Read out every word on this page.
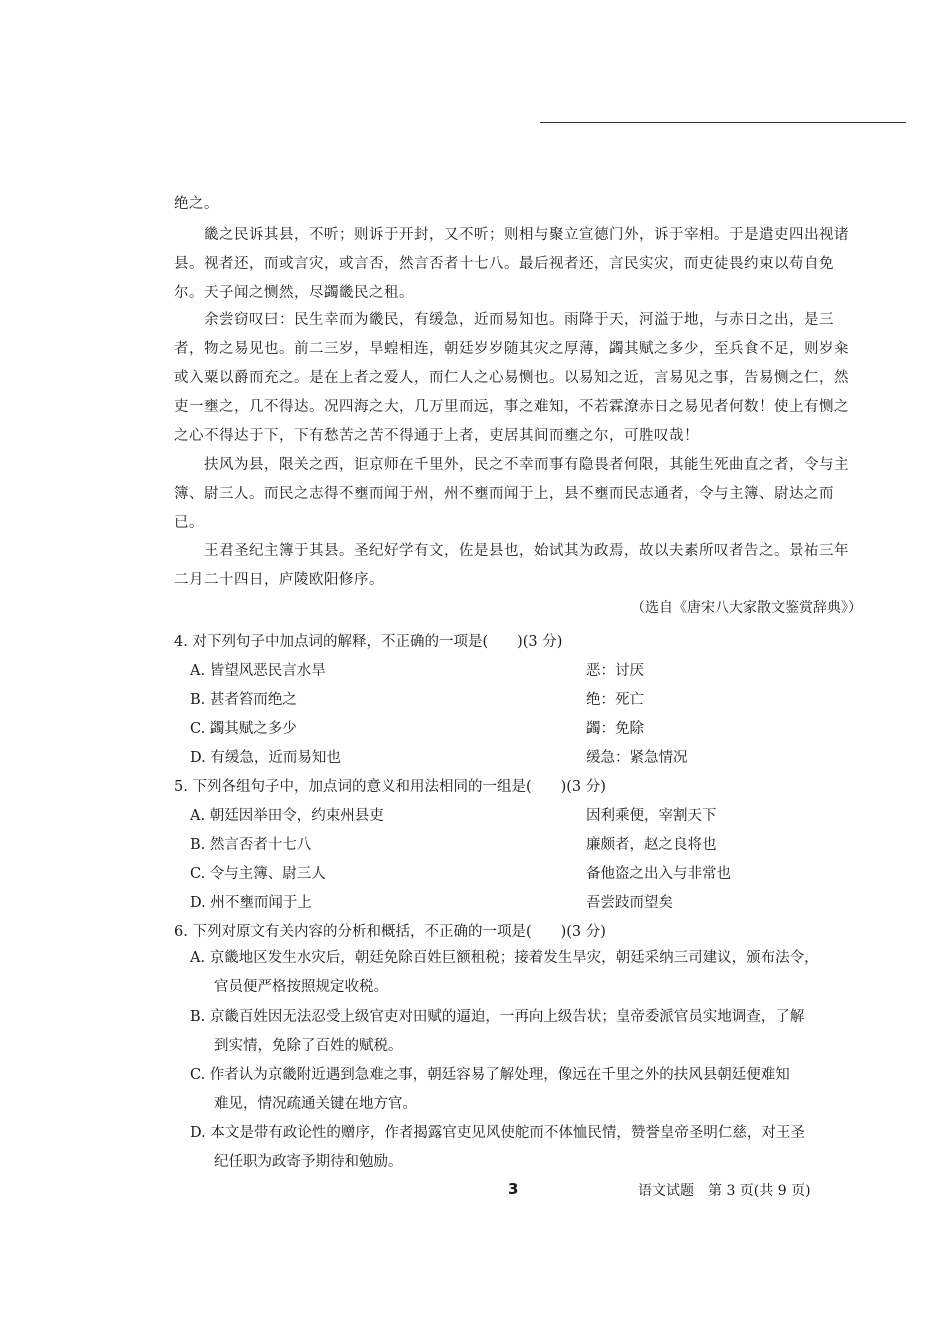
绝之。
畿之民诉其县，不听；则诉于开封，又不听；则相与聚立宣德门外，诉于宰相。于是遣吏四出视诸县。视者还，而或言灾，或言否，然言否者十七八。最后视者还，言民实灾，而吏徒畏约束以苟自免尔。天子闻之恻然，尽蠲畿民之租。
余尝窃叹曰：民生幸而为畿民，有缓急，近而易知也。雨降于天，河溢于地，与赤日之出，是三者，物之易见也。前二三岁，旱蝗相连，朝廷岁岁随其灾之厚薄，蠲其赋之多少，至兵食不足，则岁籴或入粟以爵而充之。是在上者之爱人，而仁人之心易恻也。以易知之近，言易见之事，告易恻之仁，然吏一壅之，几不得达。况四海之大，几万里而远，事之难知，不若霖潦赤日之易见者何数！使上有恻之之心不得达于下，下有愁苦之苦不得通于上者，吏居其间而壅之尔，可胜叹哉！
扶风为县，限关之西，讵京师在千里外，民之不幸而事有隐畏者何限，其能生死曲直之者，令与主簿、尉三人。而民之志得不壅而闻于州，州不壅而闻于上，县不壅而民志通者，令与主簿、尉达之而已。
王君圣纪主簿于其县。圣纪好学有文，佐是县也，始试其为政焉，故以夫素所叹者告之。景祐三年二月二十四日，庐陵欧阳修序。
（选自《唐宋八大家散文鉴赏辞典》）
4. 对下列句子中加点词的解释，不正确的一项是(　　)(3 分)
A. 皆望风恶民言水旱	恶：讨厌
B. 甚者笞而绝之	绝：死亡
C. 蠲其赋之多少	蠲：免除
D. 有缓急，近而易知也	缓急：紧急情况
5. 下列各组句子中，加点词的意义和用法相同的一组是(　　)(3 分)
A. 朝廷因举田令，约束州县吏	因利乘便，宰割天下
B. 然言否者十七八	廉颇者，赵之良将也
C. 令与主簿、尉三人	备他盗之出入与非常也
D. 州不壅而闻于上	吾尝跂而望矣
6. 下列对原文有关内容的分析和概括，不正确的一项是(　　)(3 分)
A. 京畿地区发生水灾后，朝廷免除百姓巨额租税；接着发生旱灾，朝廷采纳三司建议，颁布法令，
官员便严格按照规定收税。
B. 京畿百姓因无法忍受上级官吏对田赋的逼迫，一再向上级告状；皇帝委派官员实地调查，了解
到实情，免除了百姓的赋税。
C. 作者认为京畿附近遇到急难之事，朝廷容易了解处理，像远在千里之外的扶风县朝廷便难知
难见，情况疏通关键在地方官。
D. 本文是带有政论性的赠序，作者揭露官吏见风使舵而不体恤民情，赞誉皇帝圣明仁慈，对王圣
纪任职为政寄予期待和勉励。
3	语文试题　第 3 页(共 9 页)
